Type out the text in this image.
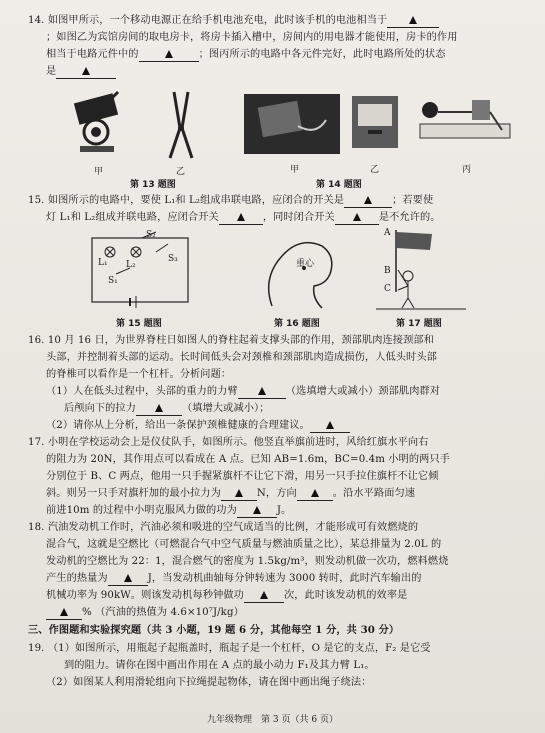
14. 如图甲所示，一个移动电源正在给手机电池充电，此时该手机的电池相当于

；如图乙为宾馆房间的取电房卡，将房卡插入槽中，房间内的用电器才能使用，房卡的作用

相当于电路元件中的	；图丙所示的电路中各元件完好，此时电路所处的状态

是

甲	乙	甲	乙	丙
第 13 题图	第 14 题图

15. 如图所示的电路中，要使 L₁和 L₂组成串联电路，应闭合的开关是	；若要使

灯 L₁和 L₂组成并联电路，应闭合开关	，同时闭合开关	是不允许的。

S₂
S₃
S₁
L₁ L₂	重心
A
B
C
第 15 题图	第 16 题图	第 17 题图

16. 10 月 16 日，为世界脊柱日如图人的脊柱起着支撑头部的作用，颈部肌肉连接颈部和

头部，并控制着头部的运动。长时间低头会对颈椎和颈部肌肉造成损伤，人低头时头部

的脊椎可以看作是一个杠杆。分析问题：

（1）人在低头过程中，头部的重力的力臂	（选填增大或减小）颈部肌肉群对

后颅向下的拉力	（填增大或减小）；

（2）请你从上分析，给出一条保护颈椎健康的合理建议。

17. 小明在学校运动会上是仪仗队手，如图所示。他竖直举旗前进时，风给红旗水平向右

的阻力为 20N，其作用点可以看成在 A 点。已知 AB=1.6m，BC=0.4m 小明的两只手

分别位于 B、C 两点，他用一只手握紧旗杆不让它下滑，用另一只手拉住旗杆不让它倾

斜。则另一只手对旗杆加的最小拉力为	N，方向	。沿水平路面匀速

前进10m 的过程中小明克服风力做的功为	J。

18. 汽油发动机工作时，汽油必须和吸进的空气成适当的比例，才能形成可有效燃烧的

混合气，这就是空燃比（可燃混合气中空气质量与燃油质量之比），某总排量为 2.0L 的

发动机的空燃比为 22：1，混合燃气的密度为 1.5kg/m³，则发动机做一次功，燃料燃烧

产生的热量为	J，当发动机曲轴每分钟转速为 3000 转时，此时汽车输出的

机械功率为 90kW。则该发动机每秒钟做功	次，此时该发动机的效率是

% （汽油的热值为 4.6×10⁷J/kg）

三、作图题和实验探究题（共 3 小题，19 题 6 分，其他每空 1 分，共 30 分）

19. （1）如图所示，用瓶起子起瓶盖时，瓶起子是一个杠杆，O 是它的支点，F₂ 是它受

到的阻力。请你在图中画出作用在 A 点的最小动力 F₁及其力臂 L₁。

（2）如图某人利用滑轮组向下拉绳提起物体，请在图中画出绳子绕法：

九年级物理　第 3 页（共 6 页）
